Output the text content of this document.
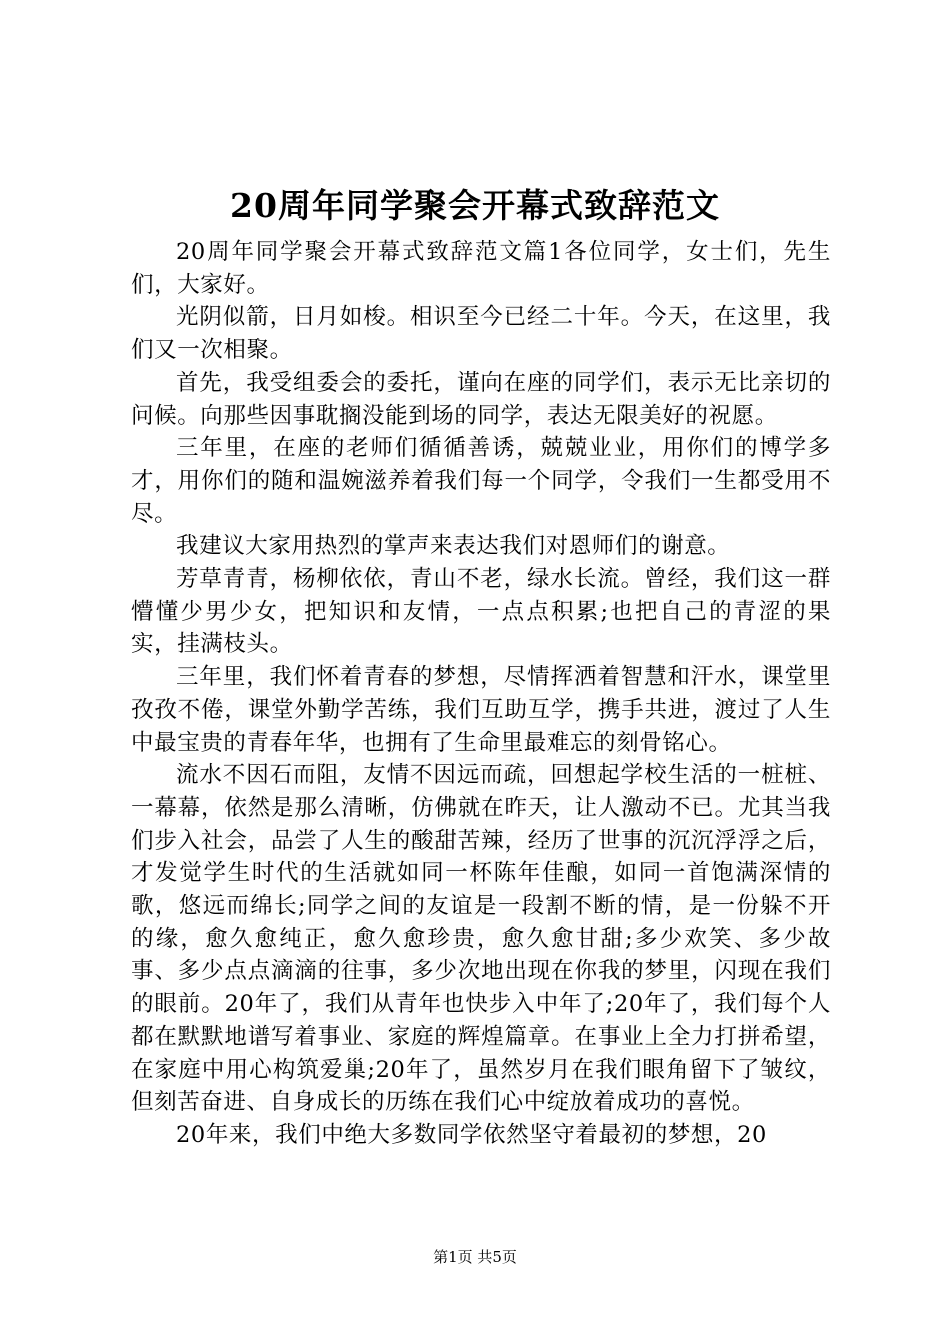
20周年同学聚会开幕式致辞范文

20周年同学聚会开幕式致辞范文篇1各位同学，女士们，先生们，大家好。

光阴似箭，日月如梭。相识至今已经二十年。今天，在这里，我们又一次相聚。

首先，我受组委会的委托，谨向在座的同学们，表示无比亲切的问候。向那些因事耽搁没能到场的同学，表达无限美好的祝愿。

三年里，在座的老师们循循善诱，兢兢业业，用你们的博学多才，用你们的随和温婉滋养着我们每一个同学，令我们一生都受用不尽。

我建议大家用热烈的掌声来表达我们对恩师们的谢意。

芳草青青，杨柳依依，青山不老，绿水长流。曾经，我们这一群懵懂少男少女，把知识和友情，一点点积累;也把自己的青涩的果实，挂满枝头。

三年里，我们怀着青春的梦想，尽情挥洒着智慧和汗水，课堂里孜孜不倦，课堂外勤学苦练，我们互助互学，携手共进，渡过了人生中最宝贵的青春年华，也拥有了生命里最难忘的刻骨铭心。

流水不因石而阻，友情不因远而疏，回想起学校生活的一桩桩、一幕幕，依然是那么清晰，仿佛就在昨天，让人激动不已。尤其当我们步入社会，品尝了人生的酸甜苦辣，经历了世事的沉沉浮浮之后，才发觉学生时代的生活就如同一杯陈年佳酿，如同一首饱满深情的歌，悠远而绵长;同学之间的友谊是一段割不断的情，是一份躲不开的缘，愈久愈纯正，愈久愈珍贵，愈久愈甘甜;多少欢笑、多少故事、多少点点滴滴的往事，多少次地出现在你我的梦里，闪现在我们的眼前。20年了，我们从青年也快步入中年了;20年了，我们每个人都在默默地谱写着事业、家庭的辉煌篇章。在事业上全力打拼希望，在家庭中用心构筑爱巢;20年了，虽然岁月在我们眼角留下了皱纹，但刻苦奋进、自身成长的历练在我们心中绽放着成功的喜悦。

20年来，我们中绝大多数同学依然坚守着最初的梦想，20

第1页 共5页
